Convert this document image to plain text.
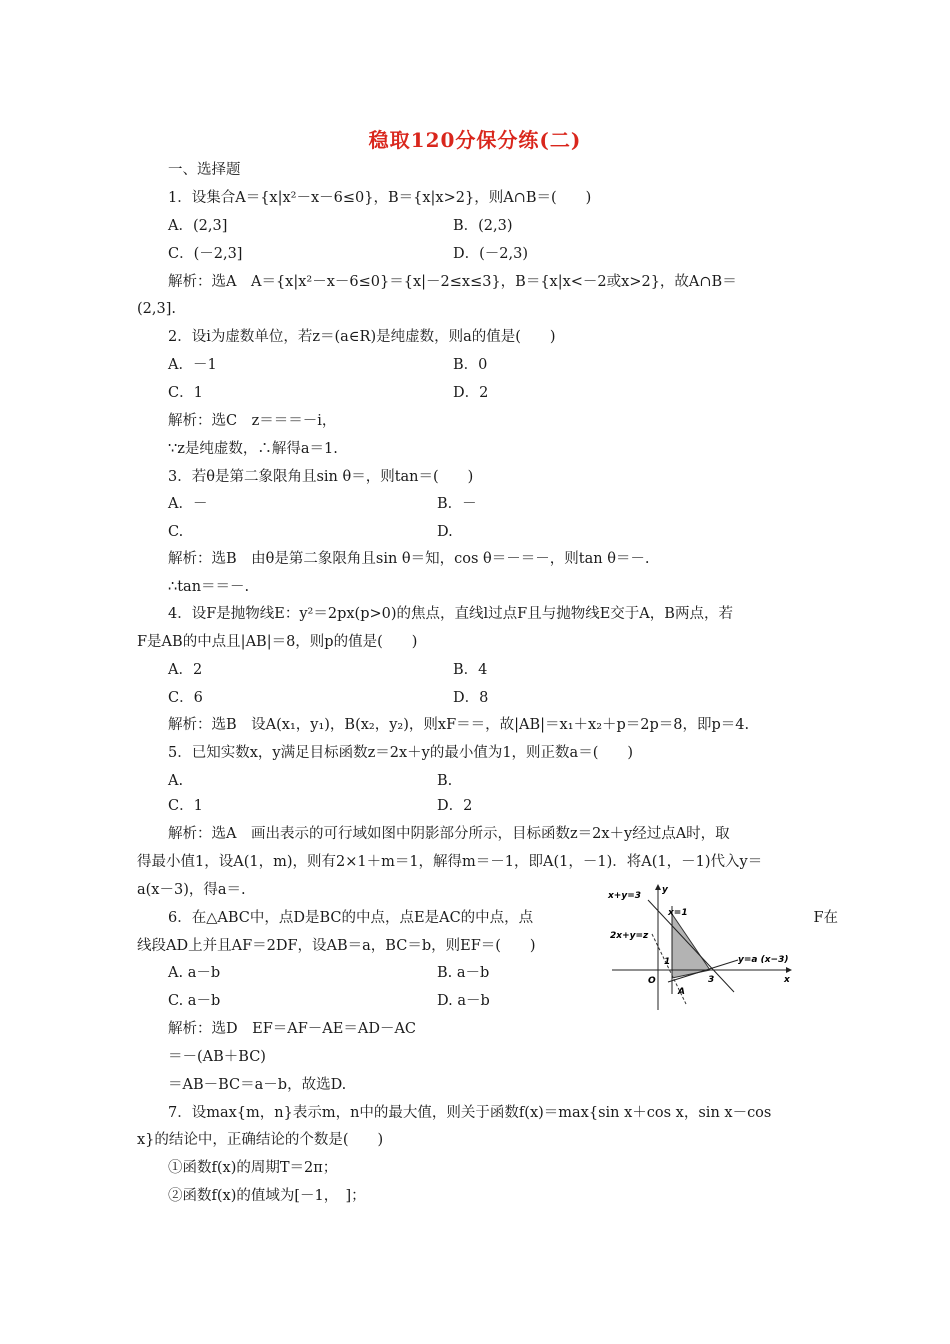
稳取120分保分练(二)
一、选择题
1．设集合A＝{x|x²－x－6≤0}，B＝{x|x>2}，则A∩B＝(　　)
A．(2,3]	B．(2,3)
C．(－2,3]	D．(－2,3)
解析：选A　A＝{x|x²－x－6≤0}＝{x|－2≤x≤3}，B＝{x|x<－2或x>2}，故A∩B＝
(2,3].
2．设i为虚数单位，若z＝(a∈R)是纯虚数，则a的值是(　　)
A．－1	B．0
C．1	D．2
解析：选C　z＝＝＝－i，
∵z是纯虚数，∴解得a＝1.
3．若θ是第二象限角且sin θ＝，则tan＝(　　)
A．－	B．－
C.	D.
解析：选B　由θ是第二象限角且sin θ＝知，cos θ＝－＝－，则tan θ＝－.
∴tan＝＝－.
4．设F是抛物线E：y²＝2px(p>0)的焦点，直线l过点F且与抛物线E交于A，B两点，若
F是AB的中点且|AB|＝8，则p的值是(　　)
A．2	B．4
C．6	D．8
解析：选B　设A(x₁，y₁)，B(x₂，y₂)，则xF＝＝，故|AB|＝x₁＋x₂＋p＝2p＝8，即p＝4.
5．已知实数x，y满足目标函数z＝2x＋y的最小值为1，则正数a＝(　　)
A.	B.
C．1	D．2
解析：选A　画出表示的可行域如图中阴影部分所示，目标函数z＝2x＋y经过点A时，取
得最小值1，设A(1，m)，则有2×1＋m＝1，解得m＝－1，即A(1，－1)．将A(1，－1)代入y＝
a(x－3)，得a＝.
6．在△ABC中，点D是BC的中点，点E是AC的中点，点	F在
线段AD上并且AF＝2DF，设AB＝a，BC＝b，则EF＝(　　)
A. a－b	B. a－b
C. a－b	D. a－b
解析：选D　EF＝AF－AE＝AD－AC
＝－(AB＋BC)
＝AB－BC＝a－b，故选D.
7．设max{m，n}表示m，n中的最大值，则关于函数f(x)＝max{sin x＋cos x，sin x－cos
x}的结论中，正确结论的个数是(　　)
①函数f(x)的周期T＝2π；
②函数f(x)的值域为[－1，　]；
x+y=3
y
x=1
2x+y=z
y=a (x−3)
x
O
1
3
A
